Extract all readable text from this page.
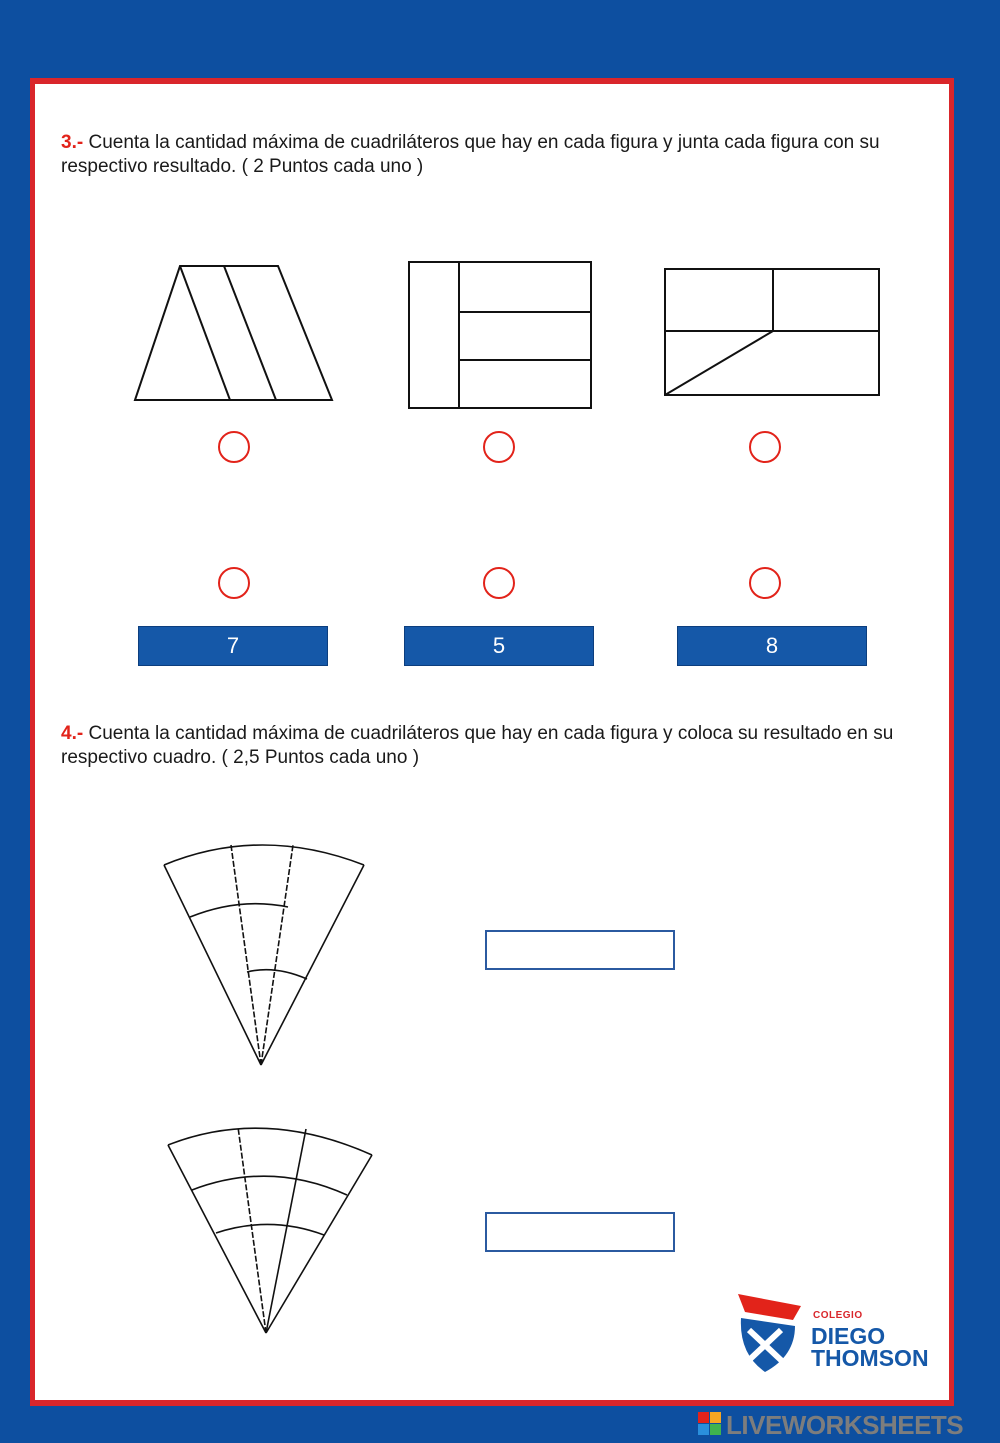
3.- Cuenta la cantidad máxima de cuadriláteros que hay en cada figura y junta cada figura con su respectivo resultado. ( 2 Puntos cada uno )
7	5	8
4.- Cuenta la cantidad máxima de cuadriláteros que hay en cada figura y coloca su resultado en su respectivo cuadro. ( 2,5 Puntos cada uno )
COLEGIO
DIEGO
THOMSON
LIVEWORKSHEETS
